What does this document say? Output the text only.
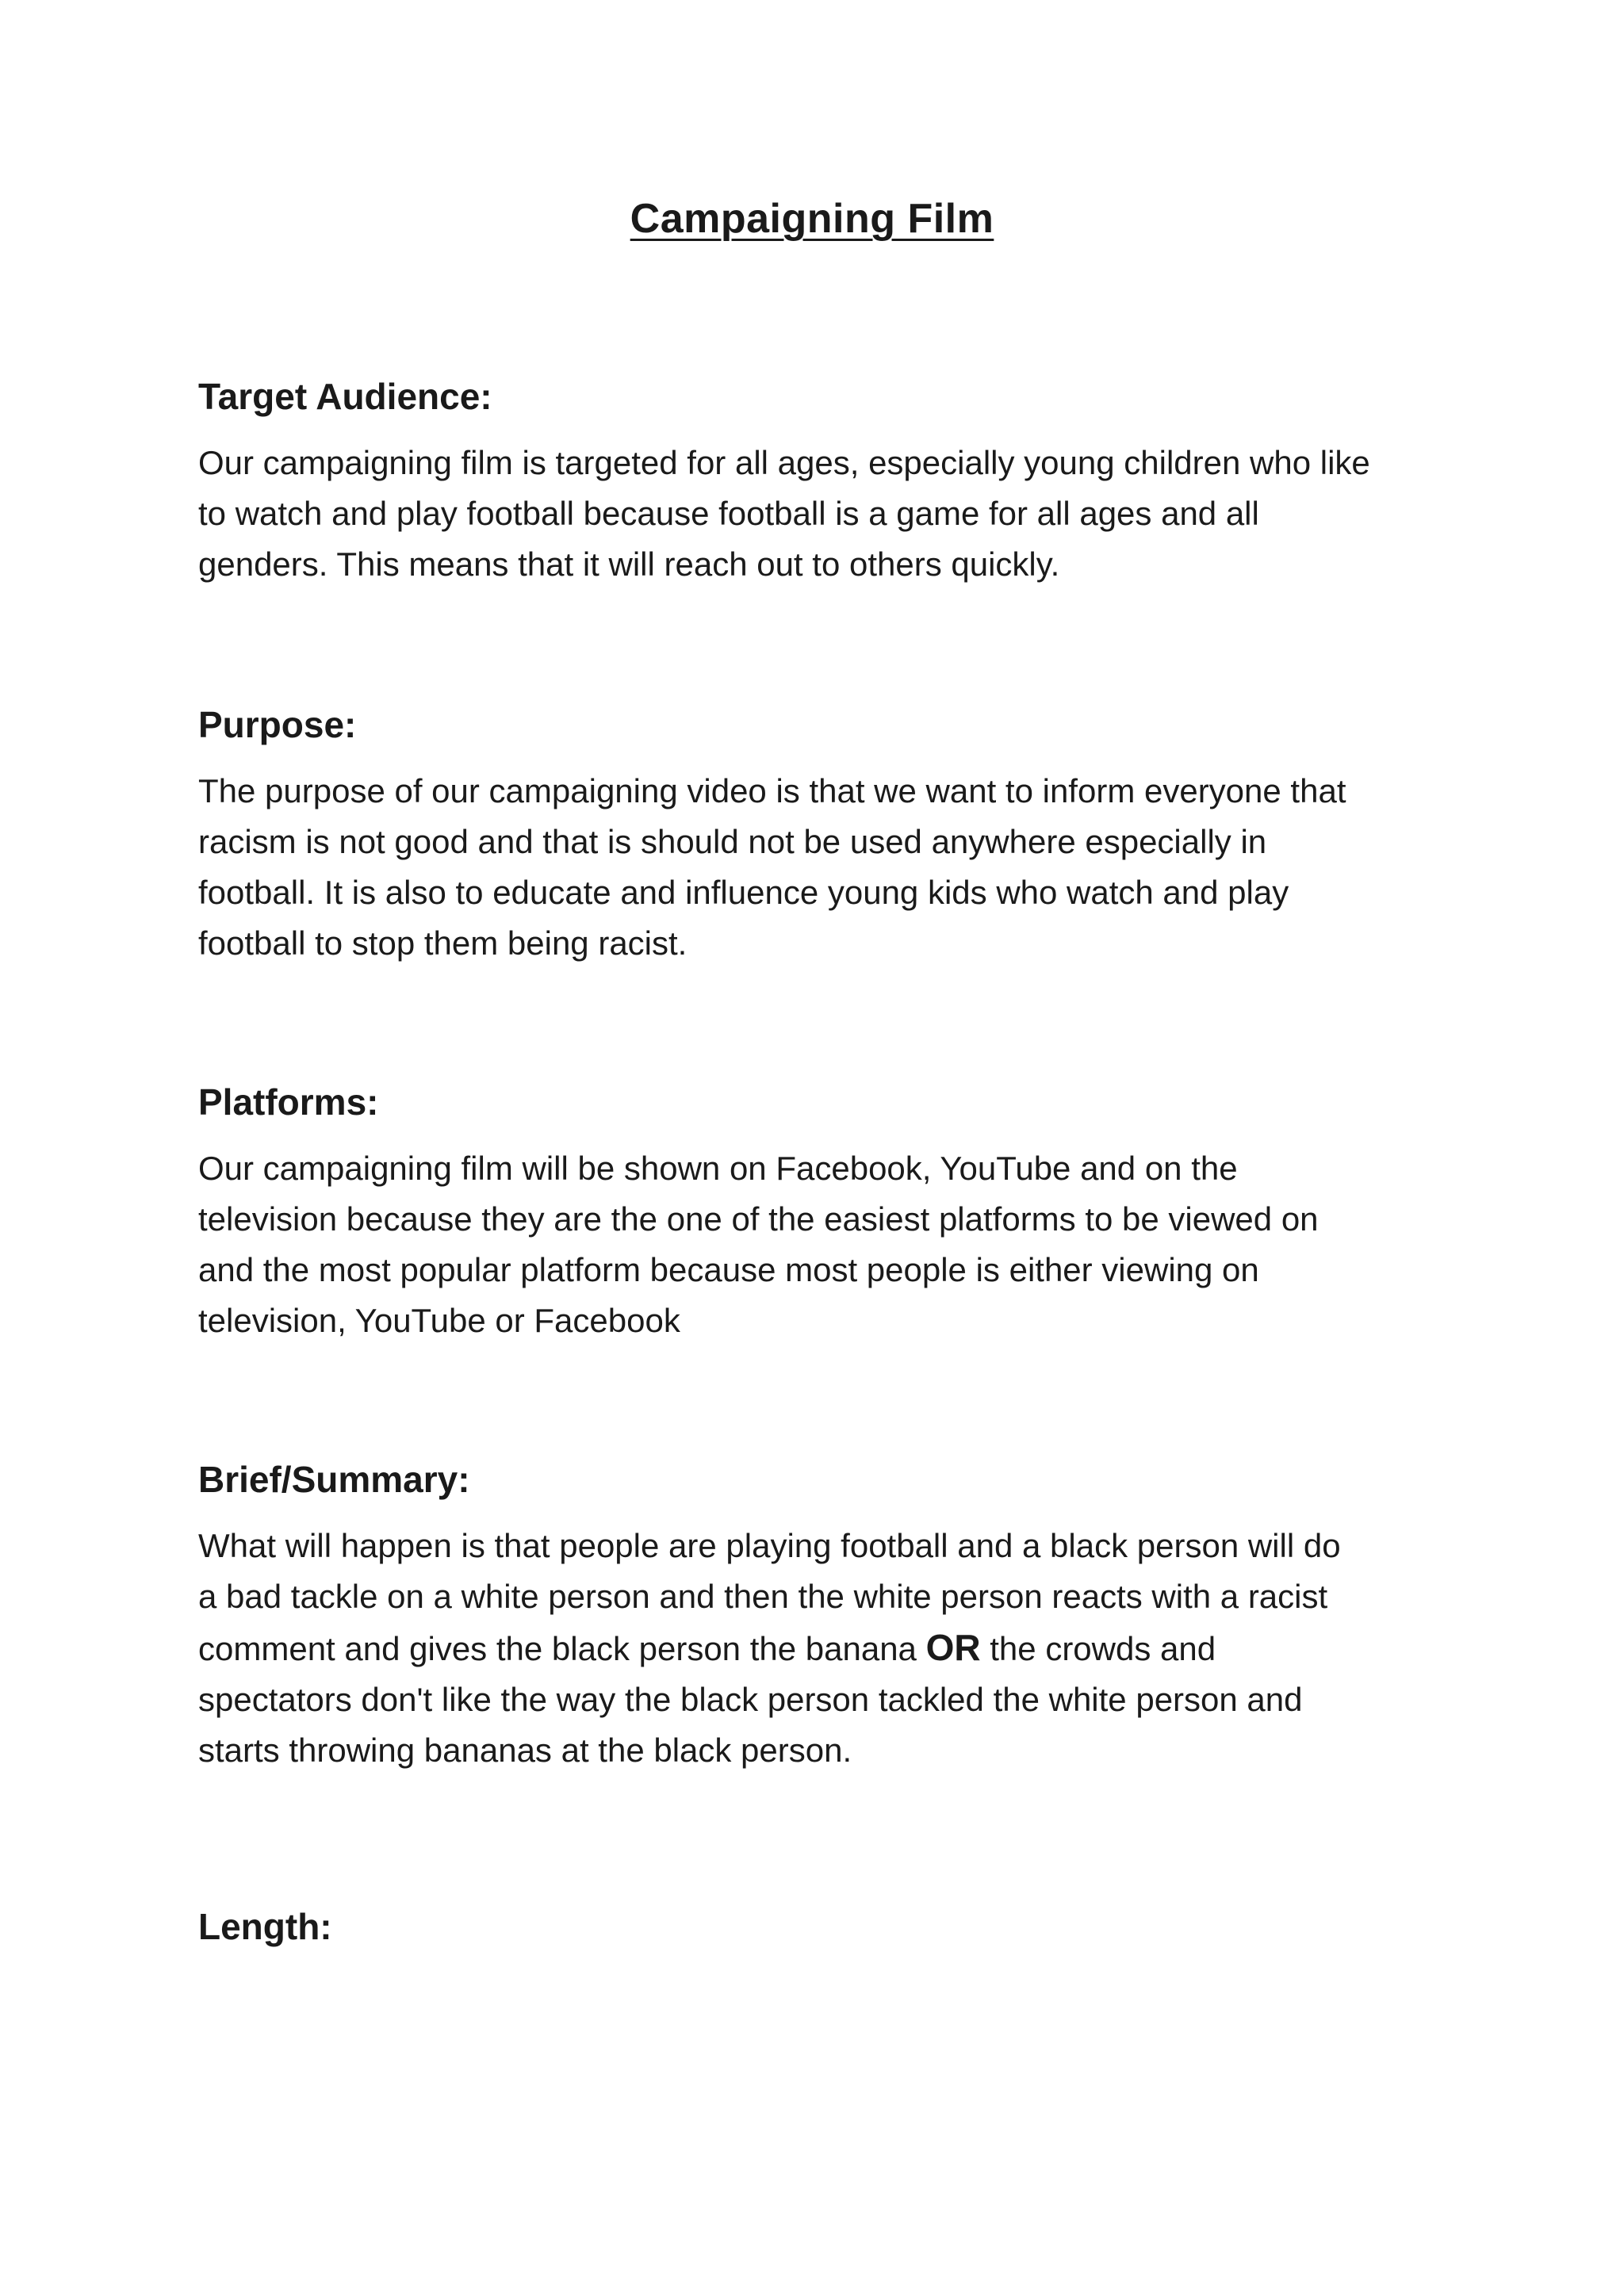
Campaigning Film
Target Audience:
Our campaigning film is targeted for all ages, especially young children who like
to watch and play football because football is a game for all ages and all
genders. This means that it will reach out to others quickly.
Purpose:
The purpose of our campaigning video is that we want to inform everyone that
racism is not good and that is should not be used anywhere especially in
football. It is also to educate and influence young kids who watch and play
football to stop them being racist.
Platforms:
Our campaigning film will be shown on Facebook, YouTube and on the
television because they are the one of the easiest platforms to be viewed on
and the most popular platform because most people is either viewing on
television, YouTube or Facebook
Brief/Summary:
What will happen is that people are playing football and a black person will do
a bad tackle on a white person and then the white person reacts with a racist
comment and gives the black person the banana OR the crowds and
spectators don't like the way the black person tackled the white person and
starts throwing bananas at the black person.
Length:
